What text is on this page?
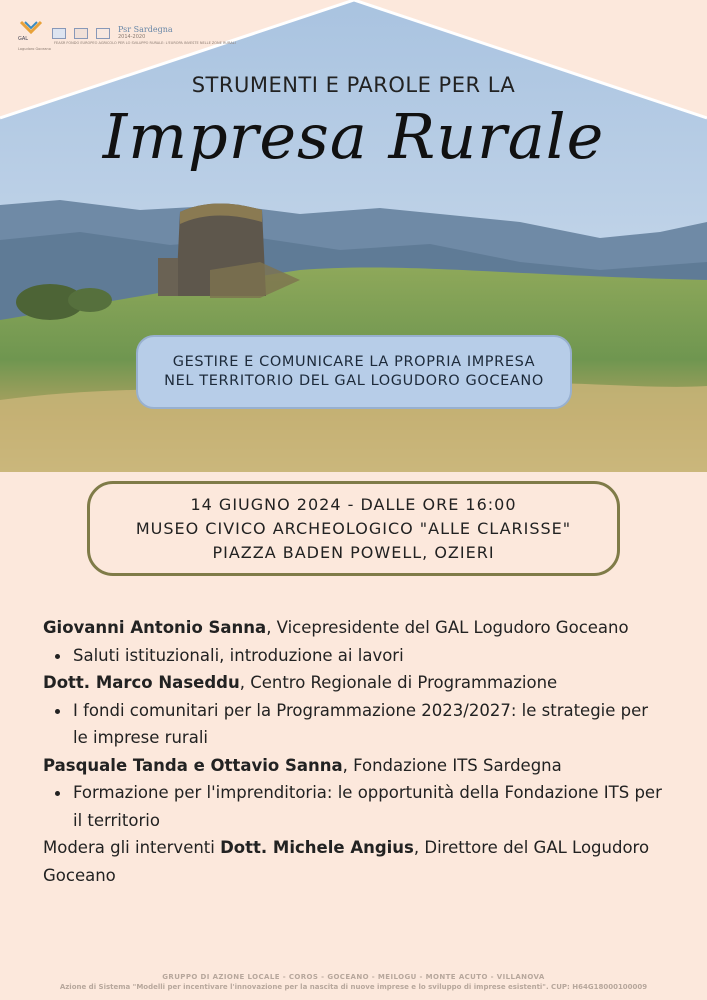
GAL
Psr Sardegna
2014-2020
Logudoro Goceano
FEASR FONDO EUROPEO AGRICOLO PER LO SVILUPPO RURALE: L'EUROPA INVESTE NELLE ZONE RURALI
STRUMENTI E PAROLE PER LA
Impresa Rurale
GESTIRE E COMUNICARE LA PROPRIA IMPRESA
NEL TERRITORIO DEL GAL LOGUDORO GOCEANO
14 GIUGNO 2024 - DALLE ORE 16:00
MUSEO CIVICO ARCHEOLOGICO "ALLE CLARISSE"
PIAZZA BADEN POWELL, OZIERI
Giovanni Antonio Sanna, Vicepresidente del GAL Logudoro Goceano
Saluti istituzionali, introduzione ai lavori
Dott. Marco Naseddu, Centro Regionale di Programmazione
I fondi comunitari per la Programmazione 2023/2027: le strategie per le imprese rurali
Pasquale Tanda e Ottavio Sanna, Fondazione ITS Sardegna
Formazione per l'imprenditoria: le opportunità della Fondazione ITS per il territorio
Modera gli interventi Dott. Michele Angius, Direttore del GAL Logudoro Goceano
GRUPPO DI AZIONE LOCALE - COROS - GOCEANO - MEILOGU - MONTE ACUTO - VILLANOVA
Azione di Sistema "Modelli per incentivare l'innovazione per la nascita di nuove imprese e lo sviluppo di imprese esistenti". CUP: H64G18000100009
